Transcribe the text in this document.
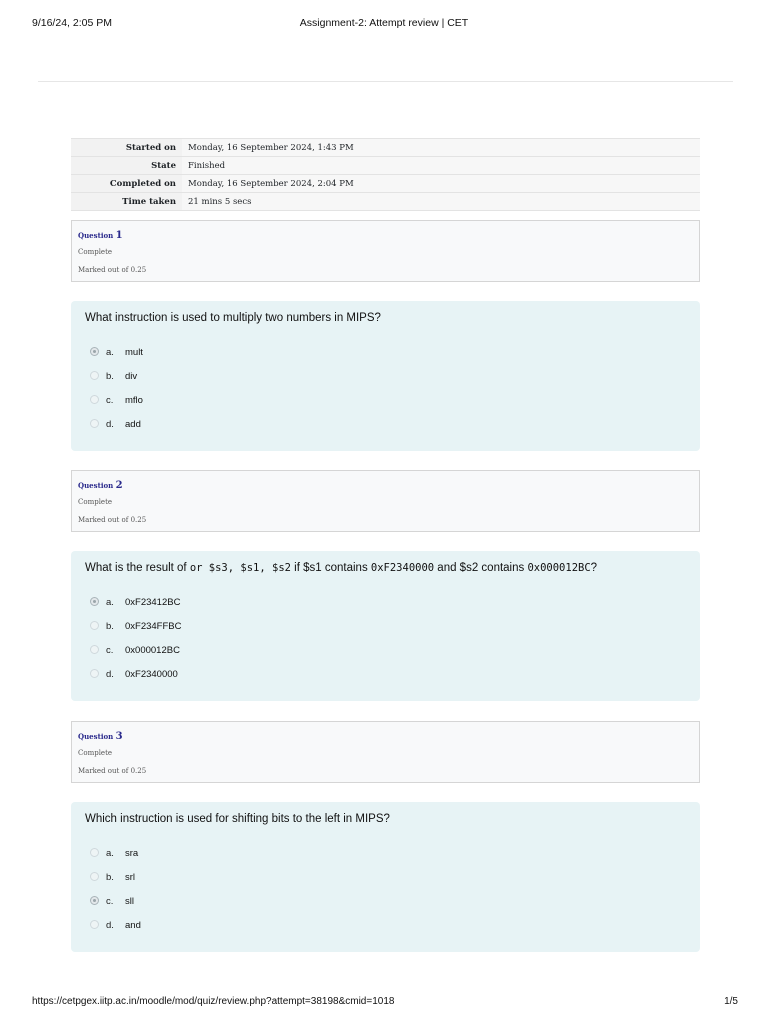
9/16/24, 2:05 PM	Assignment-2: Attempt review | CET
Started on	Monday, 16 September 2024, 1:43 PM
State	Finished
Completed on	Monday, 16 September 2024, 2:04 PM
Time taken	21 mins 5 secs
Question 1
Complete
Marked out of 0.25
What instruction is used to multiply two numbers in MIPS?
a. mult
b. div
c. mflo
d. add
Question 2
Complete
Marked out of 0.25
What is the result of or $s3, $s1, $s2 if $s1 contains 0xF2340000 and $s2 contains 0x000012BC?
a. 0xF23412BC
b. 0xF234FFBC
c. 0x000012BC
d. 0xF2340000
Question 3
Complete
Marked out of 0.25
Which instruction is used for shifting bits to the left in MIPS?
a. sra
b. srl
c. sll
d. and
https://cetpgex.iitp.ac.in/moodle/mod/quiz/review.php?attempt=38198&cmid=1018	1/5
